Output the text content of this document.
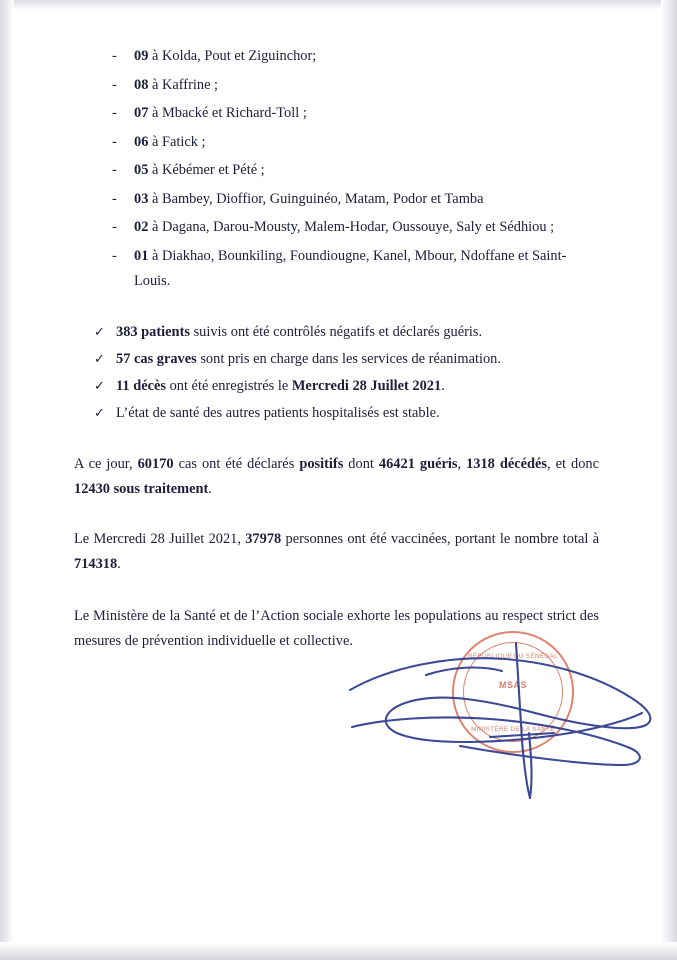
- 09 à Kolda, Pout et Ziguinchor;
- 08 à Kaffrine ;
- 07 à Mbacké et Richard-Toll ;
- 06 à Fatick ;
- 05 à Kébémer et Pété ;
- 03 à Bambey, Dioffior, Guinguinéo, Matam, Podor et Tamba
- 02 à Dagana, Darou-Mousty, Malem-Hodar, Oussouye, Saly et Sédhiou ;
- 01 à Diakhao, Bounkiling, Foundiougne, Kanel, Mbour, Ndoffane et Saint-Louis.
✓ 383 patients suivis ont été contrôlés négatifs et déclarés guéris.
✓ 57 cas graves sont pris en charge dans les services de réanimation.
✓ 11 décès ont été enregistrés le Mercredi 28 Juillet 2021.
✓ L’état de santé des autres patients hospitalisés est stable.
A ce jour, 60170 cas ont été déclarés positifs dont 46421 guéris, 1318 décédés, et donc 12430 sous traitement.
Le Mercredi 28 Juillet 2021, 37978 personnes ont été vaccinées, portant le nombre total à 714318.
Le Ministère de la Santé et de l’Action sociale exhorte les populations au respect strict des mesures de prévention individuelle et collective.
RÉPUBLIQUE DU SÉNÉGAL
MSAS
MINISTÈRE DE LA SANTÉ
